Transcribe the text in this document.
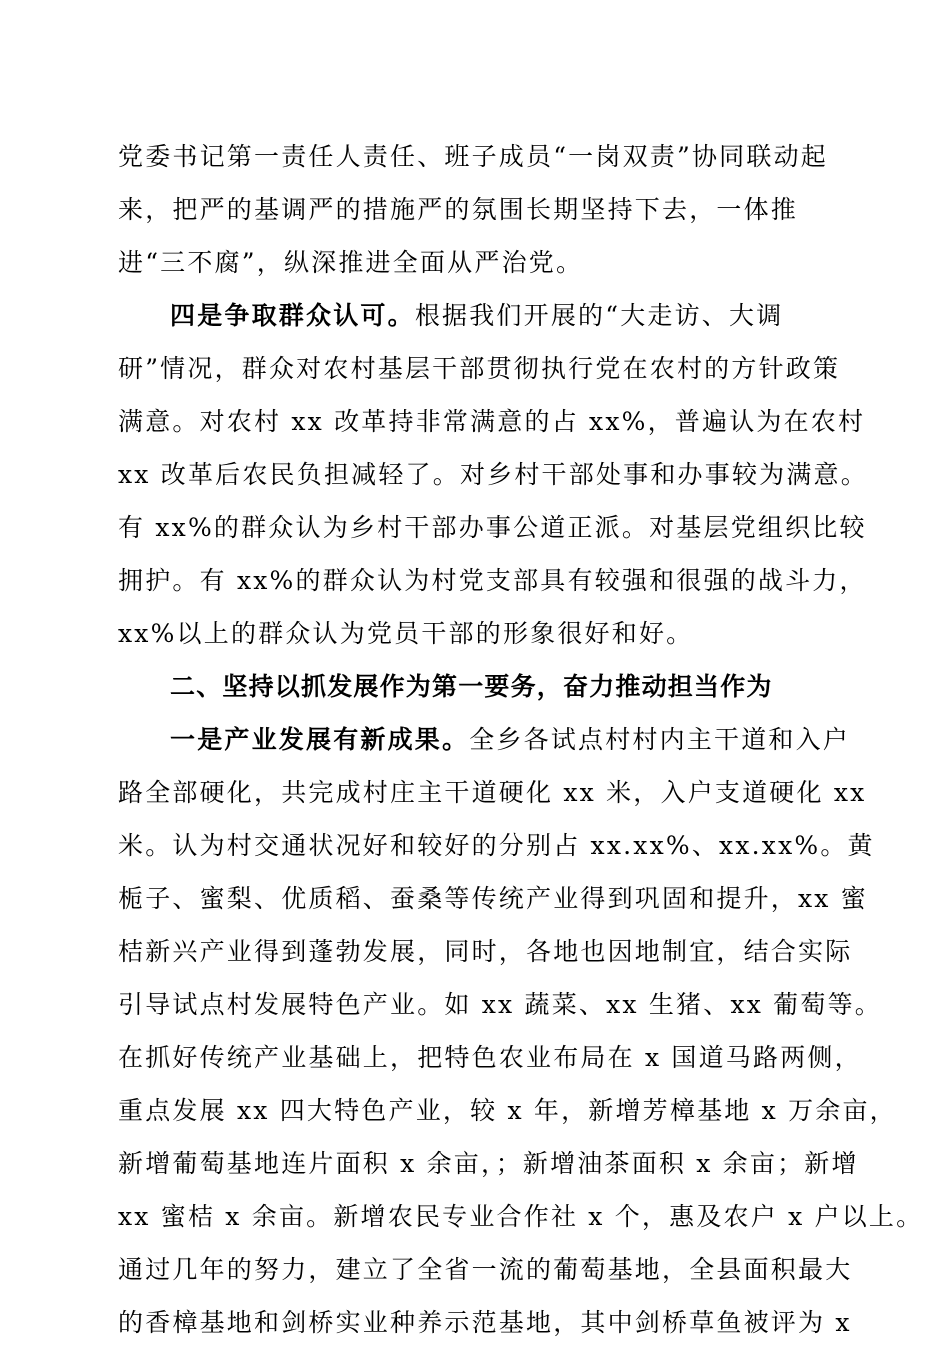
党委书记第一责任人责任、班子成员“一岗双责”协同联动起
来，把严的基调严的措施严的氛围长期坚持下去，一体推
进“三不腐”，纵深推进全面从严治党。
四是争取群众认可。根据我们开展的“大走访、大调
研”情况，群众对农村基层干部贯彻执行党在农村的方针政策
满意。对农村 xx 改革持非常满意的占 xx%，普遍认为在农村
xx 改革后农民负担减轻了。对乡村干部处事和办事较为满意。
有 xx%的群众认为乡村干部办事公道正派。对基层党组织比较
拥护。有 xx%的群众认为村党支部具有较强和很强的战斗力，
xx%以上的群众认为党员干部的形象很好和好。
二、坚持以抓发展作为第一要务，奋力推动担当作为
一是产业发展有新成果。全乡各试点村村内主干道和入户
路全部硬化，共完成村庄主干道硬化 xx 米，入户支道硬化 xx
米。认为村交通状况好和较好的分别占 xx.xx%、xx.xx%。黄
栀子、蜜梨、优质稻、蚕桑等传统产业得到巩固和提升，xx 蜜
桔新兴产业得到蓬勃发展，同时，各地也因地制宜，结合实际
引导试点村发展特色产业。如 xx 蔬菜、xx 生猪、xx 葡萄等。
在抓好传统产业基础上，把特色农业布局在 x 国道马路两侧，
重点发展 xx 四大特色产业，较 x 年，新增芳樟基地 x 万余亩，
新增葡萄基地连片面积 x 余亩，；新增油茶面积 x 余亩；新增
xx 蜜桔 x 余亩。新增农民专业合作社 x 个，惠及农户 x 户以上。
通过几年的努力，建立了全省一流的葡萄基地，全县面积最大
的香樟基地和剑桥实业种养示范基地，其中剑桥草鱼被评为 x
